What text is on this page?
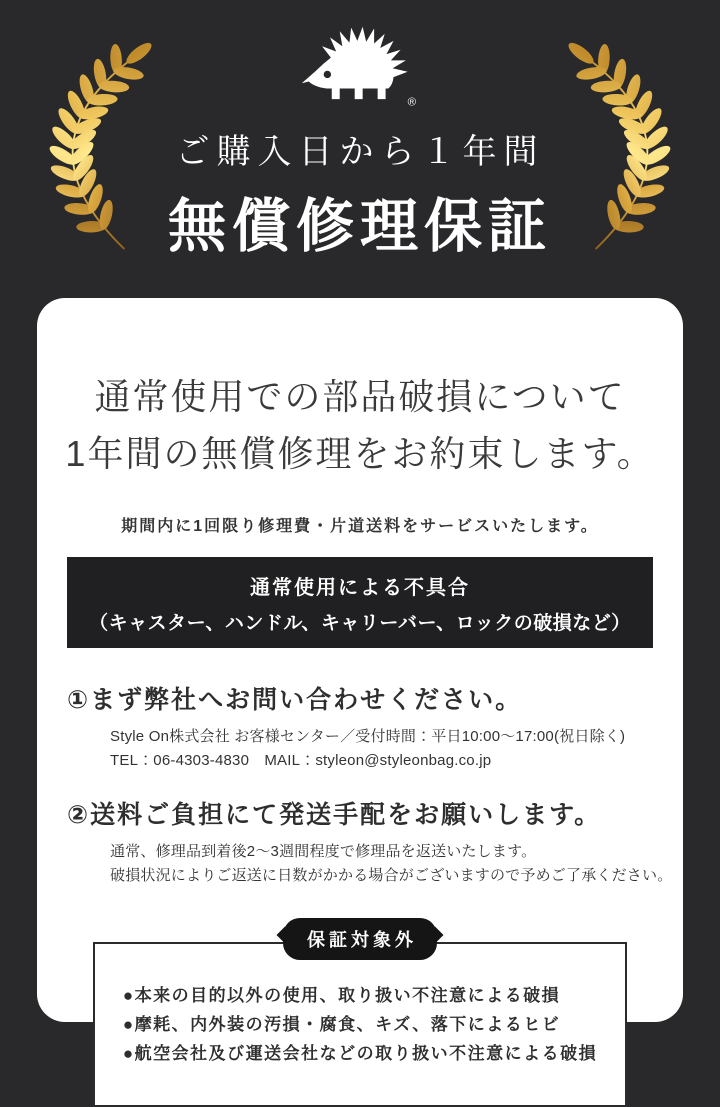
®
ご購入日から１年間
無償修理保証
通常使用での部品破損について
1年間の無償修理をお約束します。

期間内に1回限り修理費・片道送料をサービスいたします。

通常使用による不具合
（キャスター、ハンドル、キャリーバー、ロックの破損など）
①まず弊社へお問い合わせください。
Style On株式会社 お客様センター／受付時間：平日10:00〜17:00(祝日除く)
TEL：06-4303-4830　MAIL：styleon@styleonbag.co.jp
②送料ご負担にて発送手配をお願いします。
通常、修理品到着後2〜3週間程度で修理品を返送いたします。
破損状況によりご返送に日数がかかる場合がございますので予めご了承ください。
保証対象外
●本来の目的以外の使用、取り扱い不注意による破損
●摩耗、内外装の汚損・腐食、キズ、落下によるヒビ
●航空会社及び運送会社などの取り扱い不注意による破損
